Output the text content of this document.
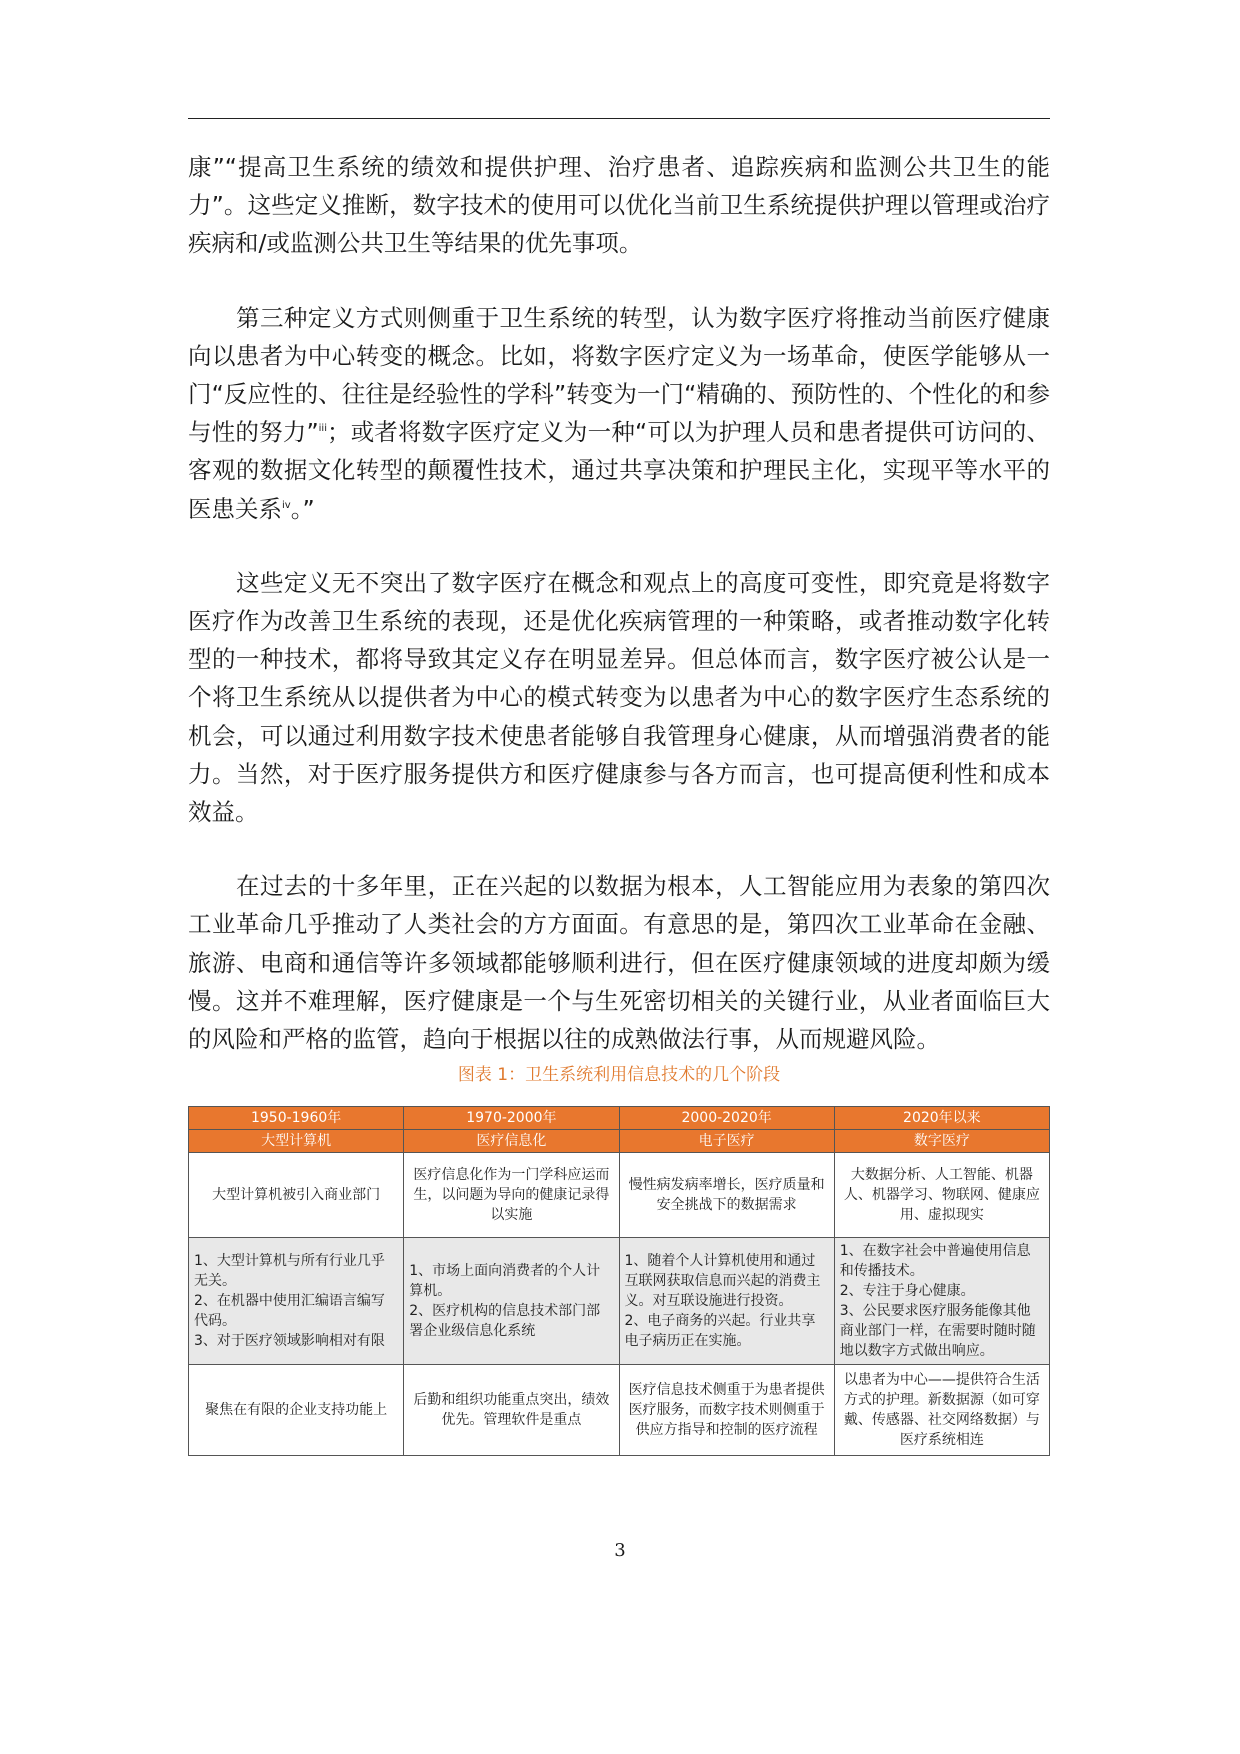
康”“提高卫生系统的绩效和提供护理、治疗患者、追踪疾病和监测公共卫生的能力”。这些定义推断，数字技术的使用可以优化当前卫生系统提供护理以管理或治疗疾病和/或监测公共卫生等结果的优先事项。

第三种定义方式则侧重于卫生系统的转型，认为数字医疗将推动当前医疗健康向以患者为中心转变的概念。比如，将数字医疗定义为一场革命，使医学能够从一门“反应性的、往往是经验性的学科”转变为一门“精确的、预防性的、个性化的和参与性的努力”$^{iii}$；或者将数字医疗定义为一种“可以为护理人员和患者提供可访问的、客观的数据文化转型的颠覆性技术，通过共享决策和护理民主化，实现平等水平的医患关系$^{iv}$。”

这些定义无不突出了数字医疗在概念和观点上的高度可变性，即究竟是将数字医疗作为改善卫生系统的表现，还是优化疾病管理的一种策略，或者推动数字化转型的一种技术，都将导致其定义存在明显差异。但总体而言，数字医疗被公认是一个将卫生系统从以提供者为中心的模式转变为以患者为中心的数字医疗生态系统的机会，可以通过利用数字技术使患者能够自我管理身心健康，从而增强消费者的能力。当然，对于医疗服务提供方和医疗健康参与各方而言，也可提高便利性和成本效益。

在过去的十多年里，正在兴起的以数据为根本，人工智能应用为表象的第四次工业革命几乎推动了人类社会的方方面面。有意思的是，第四次工业革命在金融、旅游、电商和通信等许多领域都能够顺利进行，但在医疗健康领域的进度却颇为缓慢。这并不难理解，医疗健康是一个与生死密切相关的关键行业，从业者面临巨大的风险和严格的监管，趋向于根据以往的成熟做法行事，从而规避风险。

图表 1：卫生系统利用信息技术的几个阶段
1950-1960年	1970-2000年	2000-2020年	2020年以来
大型计算机	医疗信息化	电子医疗	数字医疗
大型计算机被引入商业部门	医疗信息化作为一门学科应运而生，以问题为导向的健康记录得以实施	慢性病发病率增长，医疗质量和安全挑战下的数据需求	大数据分析、人工智能、机器人、机器学习、物联网、健康应用、虚拟现实

1、大型计算机与所有行业几乎无关。
2、在机器中使用汇编语言编写代码。
3、对于医疗领域影响相对有限	1、市场上面向消费者的个人计算机。
2、医疗机构的信息技术部门部署企业级信息化系统	1、随着个人计算机使用和通过互联网获取信息而兴起的消费主义。对互联设施进行投资。
2、电子商务的兴起。行业共享电子病历正在实施。	1、在数字社会中普遍使用信息和传播技术。
2、专注于身心健康。
3、公民要求医疗服务能像其他商业部门一样，在需要时随时随地以数字方式做出响应。

聚焦在有限的企业支持功能上	后勤和组织功能重点突出，绩效优先。管理软件是重点	医疗信息技术侧重于为患者提供医疗服务，而数字技术则侧重于供应方指导和控制的医疗流程	以患者为中心——提供符合生活方式的护理。新数据源（如可穿戴、传感器、社交网络数据）与医疗系统相连
3
